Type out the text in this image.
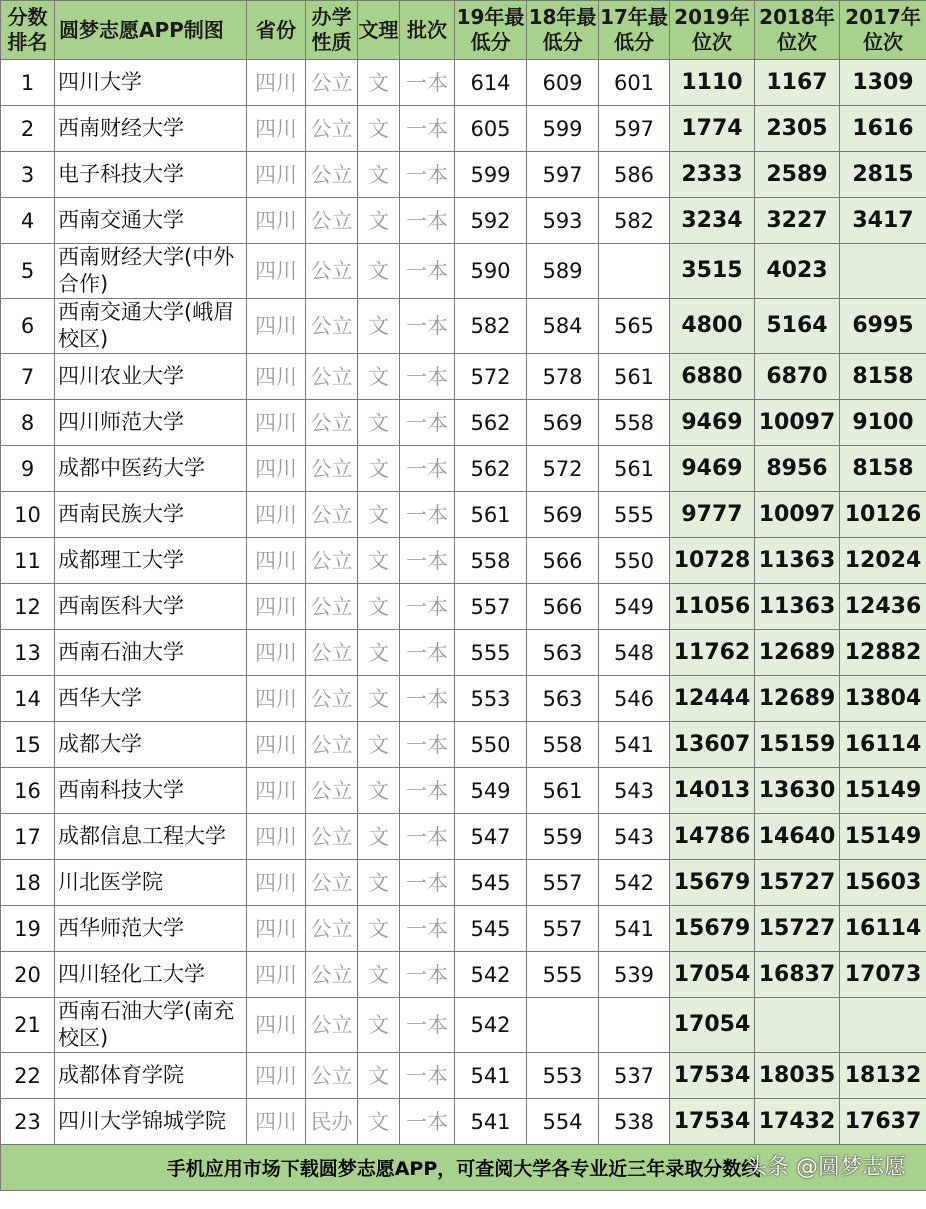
分数排名	圆梦志愿APP制图	省份	办学性质	文理	批次	19年最低分	18年最低分	17年最低分	2019年位次	2018年位次	2017年位次
1	四川大学	四川	公立	文	一本	614	609	601	1110	1167	1309
2	西南财经大学	四川	公立	文	一本	605	599	597	1774	2305	1616
3	电子科技大学	四川	公立	文	一本	599	597	586	2333	2589	2815
4	西南交通大学	四川	公立	文	一本	592	593	582	3234	3227	3417
5	西南财经大学(中外合作)	四川	公立	文	一本	590	589		3515	4023	
6	西南交通大学(峨眉校区)	四川	公立	文	一本	582	584	565	4800	5164	6995
7	四川农业大学	四川	公立	文	一本	572	578	561	6880	6870	8158
8	四川师范大学	四川	公立	文	一本	562	569	558	9469	10097	9100
9	成都中医药大学	四川	公立	文	一本	562	572	561	9469	8956	8158
10	西南民族大学	四川	公立	文	一本	561	569	555	9777	10097	10126
11	成都理工大学	四川	公立	文	一本	558	566	550	10728	11363	12024
12	西南医科大学	四川	公立	文	一本	557	566	549	11056	11363	12436
13	西南石油大学	四川	公立	文	一本	555	563	548	11762	12689	12882
14	西华大学	四川	公立	文	一本	553	563	546	12444	12689	13804
15	成都大学	四川	公立	文	一本	550	558	541	13607	15159	16114
16	西南科技大学	四川	公立	文	一本	549	561	543	14013	13630	15149
17	成都信息工程大学	四川	公立	文	一本	547	559	543	14786	14640	15149
18	川北医学院	四川	公立	文	一本	545	557	542	15679	15727	15603
19	西华师范大学	四川	公立	文	一本	545	557	541	15679	15727	16114
20	四川轻化工大学	四川	公立	文	一本	542	555	539	17054	16837	17073
21	西南石油大学(南充校区)	四川	公立	文	一本	542			17054		
22	成都体育学院	四川	公立	文	一本	541	553	537	17534	18035	18132
23	四川大学锦城学院	四川	民办	文	一本	541	554	538	17534	17432	17637
手机应用市场下载圆梦志愿APP，可查阅大学各专业近三年录取分数线											
头条 @圆梦志愿
